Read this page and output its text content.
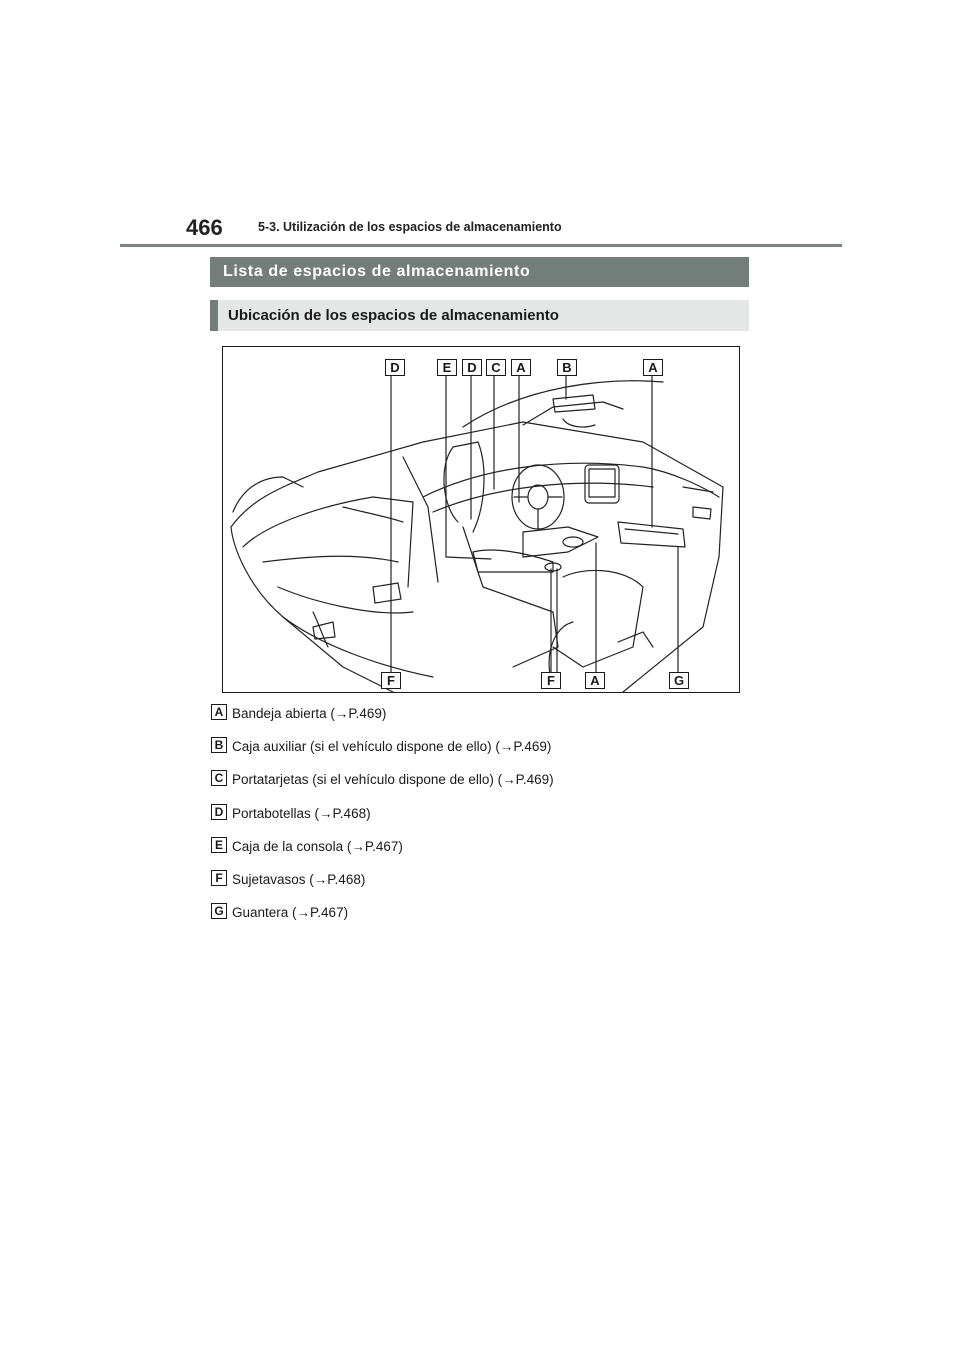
466	5-3. Utilización de los espacios de almacenamiento
Lista de espacios de almacenamiento
Ubicación de los espacios de almacenamiento
D	E	D	C	A	B	A
F	F	A	G
A Bandeja abierta (→P.469)
B Caja auxiliar (si el vehículo dispone de ello) (→P.469)
C Portatarjetas (si el vehículo dispone de ello) (→P.469)
D Portabotellas (→P.468)
E Caja de la consola (→P.467)
F Sujetavasos (→P.468)
G Guantera (→P.467)
